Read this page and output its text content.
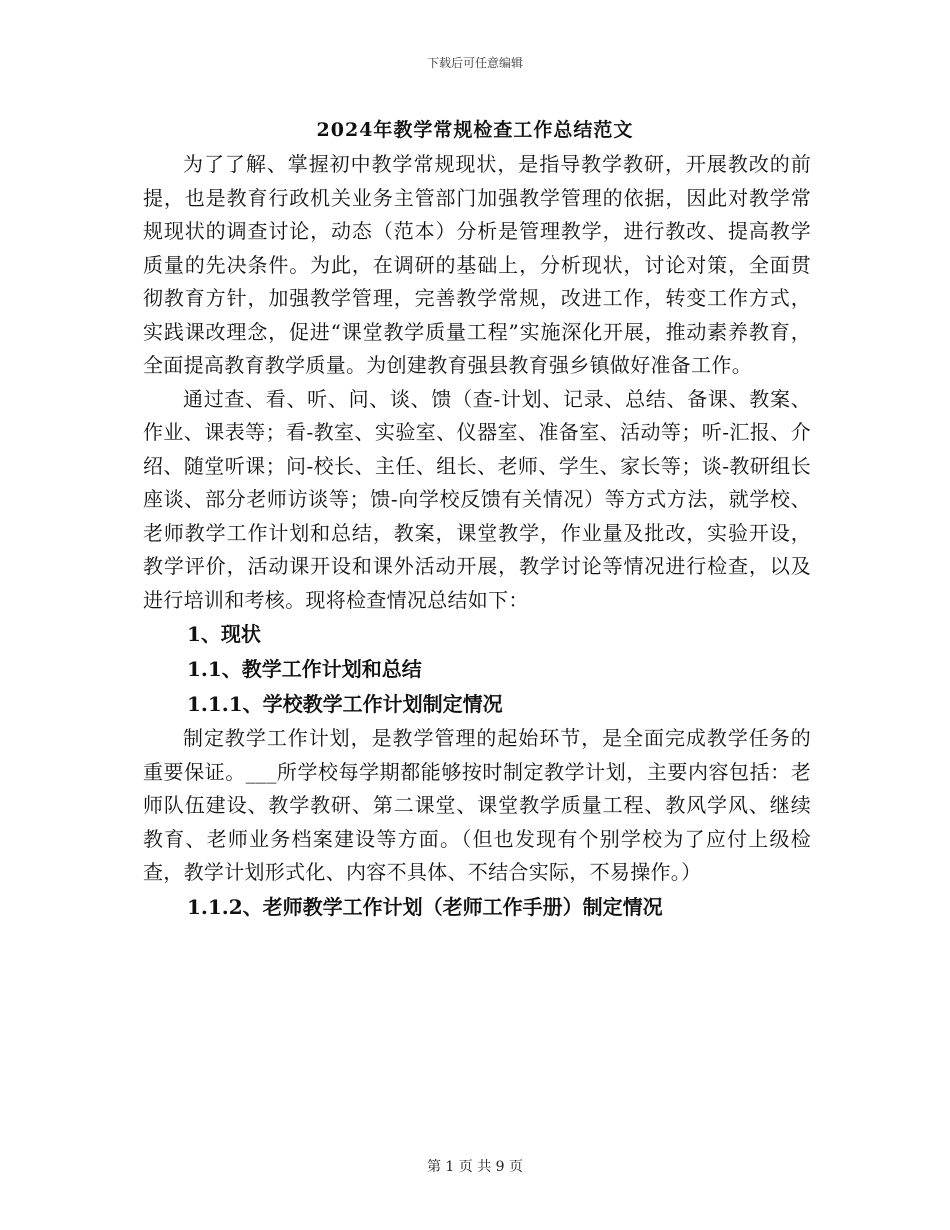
下载后可任意编辑
2024年教学常规检查工作总结范文

为了了解、掌握初中教学常规现状，是指导教学教研，开展教改的前提，也是教育行政机关业务主管部门加强教学管理的依据，因此对教学常规现状的调查讨论，动态（范本）分析是管理教学，进行教改、提高教学质量的先决条件。为此，在调研的基础上，分析现状，讨论对策，全面贯彻教育方针，加强教学管理，完善教学常规，改进工作，转变工作方式，实践课改理念，促进“课堂教学质量工程”实施深化开展，推动素养教育，全面提高教育教学质量。为创建教育强县教育强乡镇做好准备工作。

通过查、看、听、问、谈、馈（查-计划、记录、总结、备课、教案、作业、课表等；看-教室、实验室、仪器室、准备室、活动等；听-汇报、介绍、随堂听课；问-校长、主任、组长、老师、学生、家长等；谈-教研组长座谈、部分老师访谈等；馈-向学校反馈有关情况）等方式方法，就学校、老师教学工作计划和总结，教案，课堂教学，作业量及批改，实验开设，教学评价，活动课开设和课外活动开展，教学讨论等情况进行检查，以及进行培训和考核。现将检查情况总结如下：

1、现状

1.1、教学工作计划和总结

1.1.1、学校教学工作计划制定情况

制定教学工作计划，是教学管理的起始环节，是全面完成教学任务的重要保证。___所学校每学期都能够按时制定教学计划，主要内容包括：老师队伍建设、教学教研、第二课堂、课堂教学质量工程、教风学风、继续教育、老师业务档案建设等方面。（但也发现有个别学校为了应付上级检查，教学计划形式化、内容不具体、不结合实际，不易操作。）

1.1.2、老师教学工作计划（老师工作手册）制定情况

第 1 页 共 9 页
